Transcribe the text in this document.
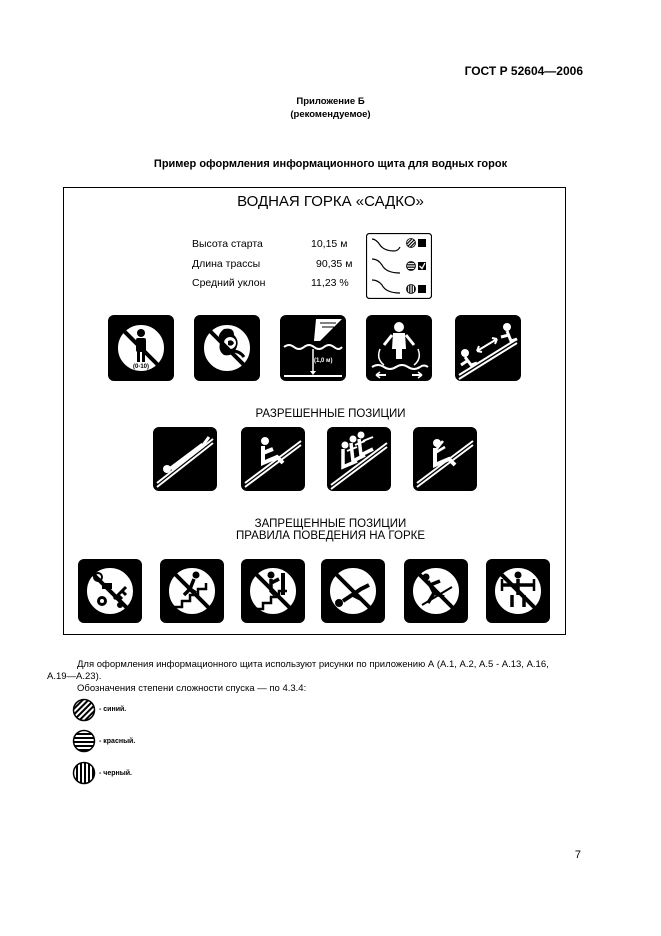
ГОСТ Р 52604—2006
Приложение Б
(рекомендуемое)
Пример оформления информационного щита для водных горок
ВОДНАЯ ГОРКА «САДКО»
Высота старта
Длина трассы
Средний уклон
10,15 м
90,35 м
11,23 %
(0-10)
(1,0 м)
РАЗРЕШЕННЫЕ ПОЗИЦИИ
ЗАПРЕЩЕННЫЕ ПОЗИЦИИ
ПРАВИЛА ПОВЕДЕНИЯ НА ГОРКЕ
Для оформления информационного щита используют рисунки по приложению А (А.1, А.2, А.5 - А.13, А.16,
А.19—А.23).
Обозначения степени сложности спуска — по 4.3.4:
- синий.
- красный.
- черный.
7
